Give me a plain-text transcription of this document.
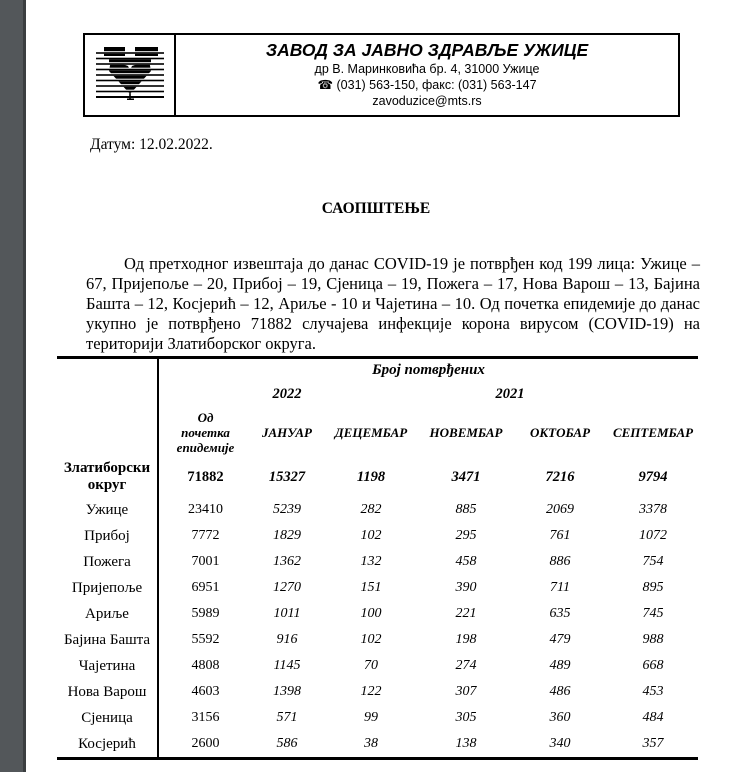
ЗАВОД ЗА ЈАВНО ЗДРАВЉЕ УЖИЦЕ
др В. Маринковића бр. 4, 31000 Ужице
☎ (031) 563-150, факс: (031) 563-147
zavoduzice@mts.rs
Датум: 12.02.2022.
САОПШТЕЊЕ

Од претходног извештаја до данас COVID-19 је потврђен код 199 лица: Ужице – 67, Пријепоље – 20, Прибој – 19, Сјеница – 19, Пожега – 17, Нова Варош – 13, Бајина Башта – 12, Косјерић – 12, Ариље - 10 и Чајетина – 10. Од почетка епидемије до данас укупно је потврђено 71882 случајева инфекције корона вирусом (COVID-19) на територији Златиборског округа.

	Број потврђених					
		2022	2021			

	Од
почетка
епидемије	ЈАНУАР	ДЕЦЕМБАР	НОВЕМБАР	ОКТОБАР	СЕПТЕМБАР
Златиборски округ	71882	15327	1198	3471	7216	9794
Ужице	23410	5239	282	885	2069	3378
Прибој	7772	1829	102	295	761	1072
Пожега	7001	1362	132	458	886	754
Пријепоље	6951	1270	151	390	711	895
Ариље	5989	1011	100	221	635	745
Бајина Башта	5592	916	102	198	479	988
Чајетина	4808	1145	70	274	489	668
Нова Варош	4603	1398	122	307	486	453
Сјеница	3156	571	99	305	360	484
Косјерић	2600	586	38	138	340	357
